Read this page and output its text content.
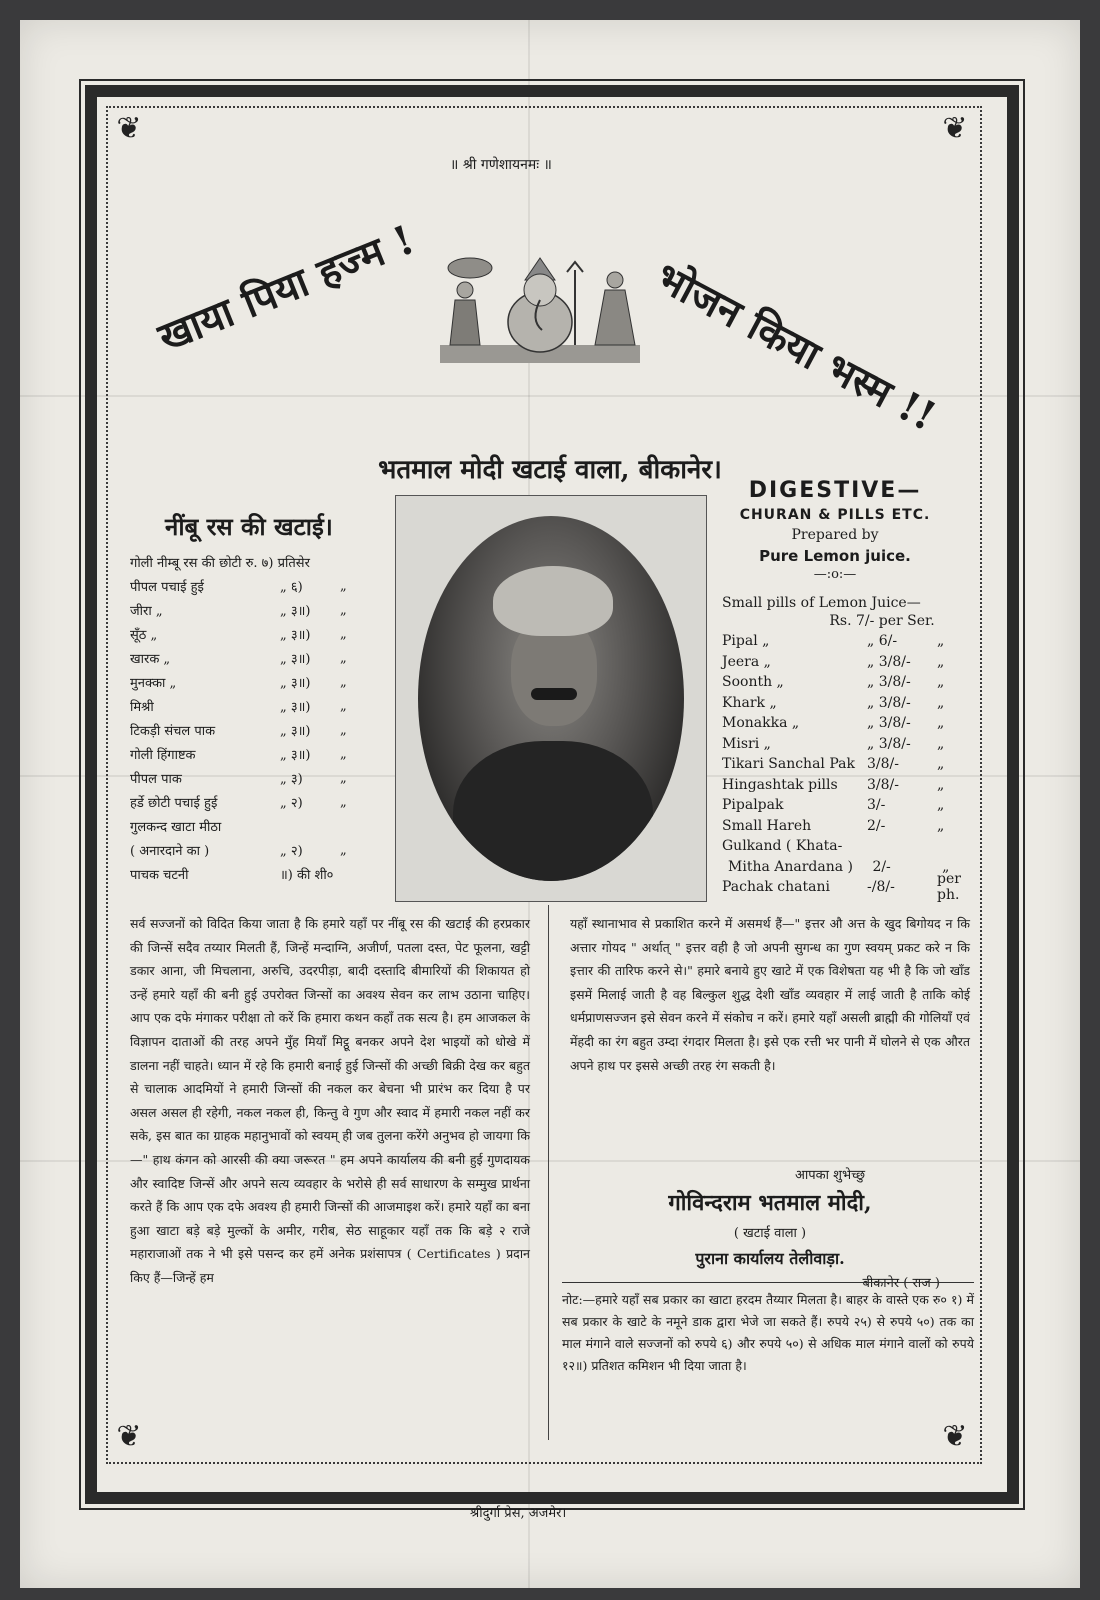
❦	❦
❦	❦
॥ श्री गणेशायनमः ॥
खाया पिया हज्म !	भोजन किया भस्म !!
भतमाल मोदी खटाई वाला, बीकानेर।
नींबू रस की खटाई।
DIGESTIVE—
CHURAN & PILLS ETC.
Prepared by
Pure Lemon juice.
—:o:—
गोली नीम्बू रस की छोटी रु. ७) प्रतिसेर
पीपल पचाई हुई	„ ६)	„
जीरा „	„ ३॥)	„
सूँठ „	„ ३॥)	„
खारक „	„ ३॥)	„
मुनक्का „	„ ३॥)	„
मिश्री	„ ३॥)	„
टिकड़ी संचल पाक	„ ३॥)	„
गोली हिंगाष्टक	„ ३॥)	„
पीपल पाक	„ ३)	„
हर्डे छोटी पचाई हुई	„ २)	„
गुलकन्द खाटा मीठा
( अनारदाने का )	„ २)	„
पाचक चटनी	॥) की शी०
Small pills of Lemon Juice—
Rs. 7/- per Ser.
Pipal „	„ 6/-	„
Jeera „	„ 3/8/-	„
Soonth „	„ 3/8/-	„
Khark „	„ 3/8/-	„
Monakka „	„ 3/8/-	„
Misri „	„ 3/8/-	„
Tikari Sanchal Pak 3/8/-	„
Hingashtak pills	3/8/-	„
Pipalpak	3/-	„
Small Hareh	2/-	„
Gulkand ( Khata-
Mitha Anardana )	2/-	„
Pachak chatani	-/8/-	per ph.
सर्व सज्जनों को विदित किया जाता है कि हमारे यहाँ पर नींबू रस की खटाई की हरप्रकार की जिन्सें सदैव तय्यार मिलती हैं, जिन्हें मन्दाग्नि, अजीर्ण, पतला दस्त, पेट फूलना, खट्टी डकार आना, जी मिचलाना, अरुचि, उदरपीड़ा, बादी दस्तादि बीमारियों की शिकायत हो उन्हें हमारे यहाँ की बनी हुई उपरोक्त जिन्सों का अवश्य सेवन कर लाभ उठाना चाहिए। आप एक दफे मंगाकर परीक्षा तो करें कि हमारा कथन कहाँ तक सत्य है। हम आजकल के विज्ञापन दाताओं की तरह अपने मुँह मियाँ मिट्ठू बनकर अपने देश भाइयों को धोखे में डालना नहीं चाहते। ध्यान में रहे कि हमारी बनाई हुई जिन्सों की अच्छी बिक्री देख कर बहुत से चालाक आदमियों ने हमारी जिन्सों की नकल कर बेचना भी प्रारंभ कर दिया है पर असल असल ही रहेगी, नकल नकल ही, किन्तु वे गुण और स्वाद में हमारी नकल नहीं कर सके, इस बात का ग्राहक महानुभावों को स्वयम् ही जब तुलना करेंगे अनुभव हो जायगा कि—" हाथ कंगन को आरसी की क्या जरूरत " हम अपने कार्यालय की बनी हुई गुणदायक और स्वादिष्ट जिन्सें और अपने सत्य व्यवहार के भरोसे ही सर्व साधारण के सम्मुख प्रार्थना करते हैं कि आप एक दफे अवश्य ही हमारी जिन्सों की आजमाइश करें। हमारे यहाँ का बना हुआ खाटा बड़े बड़े मुल्कों के अमीर, गरीब, सेठ साहूकार यहाँ तक कि बड़े २ राजे महाराजाओं तक ने भी इसे पसन्द कर हमें अनेक प्रशंसापत्र ( Certificates ) प्रदान किए हैं—जिन्हें हम
यहाँ स्थानाभाव से प्रकाशित करने में असमर्थ हैं—" इत्तर औ अत्त के खुद बिगोयद न कि अत्तार गोयद " अर्थात् " इत्तर वही है जो अपनी सुगन्ध का गुण स्वयम् प्रकट करे न कि इत्तार की तारिफ करने से।" हमारे बनाये हुए खाटे में एक विशेषता यह भी है कि जो खाँड इसमें मिलाई जाती है वह बिल्कुल शुद्ध देशी खाँड व्यवहार में लाई जाती है ताकि कोई धर्मप्राणसज्जन इसे सेवन करने में संकोच न करें। हमारे यहाँ असली ब्राह्मी की गोलियाँ एवं मेंहदी का रंग बहुत उम्दा रंगदार मिलता है। इसे एक रत्ती भर पानी में घोलने से एक औरत अपने हाथ पर इससे अच्छी तरह रंग सकती है।
आपका शुभेच्छु
गोविन्दराम भतमाल मोदी,
( खटाई वाला )
पुराना कार्यालय तेलीवाड़ा.
बीकानेर ( राज )
नोट:—हमारे यहाँ सब प्रकार का खाटा हरदम तैय्यार मिलता है। बाहर के वास्ते एक रु० १) में सब प्रकार के खाटे के नमूने डाक द्वारा भेजे जा सकते हैं। रुपये २५) से रुपये ५०) तक का माल मंगाने वाले सज्जनों को रुपये ६) और रुपये ५०) से अधिक माल मंगाने वालों को रुपये १२॥) प्रतिशत कमिशन भी दिया जाता है।
श्रीदुर्गा प्रेस, अजमेर।
